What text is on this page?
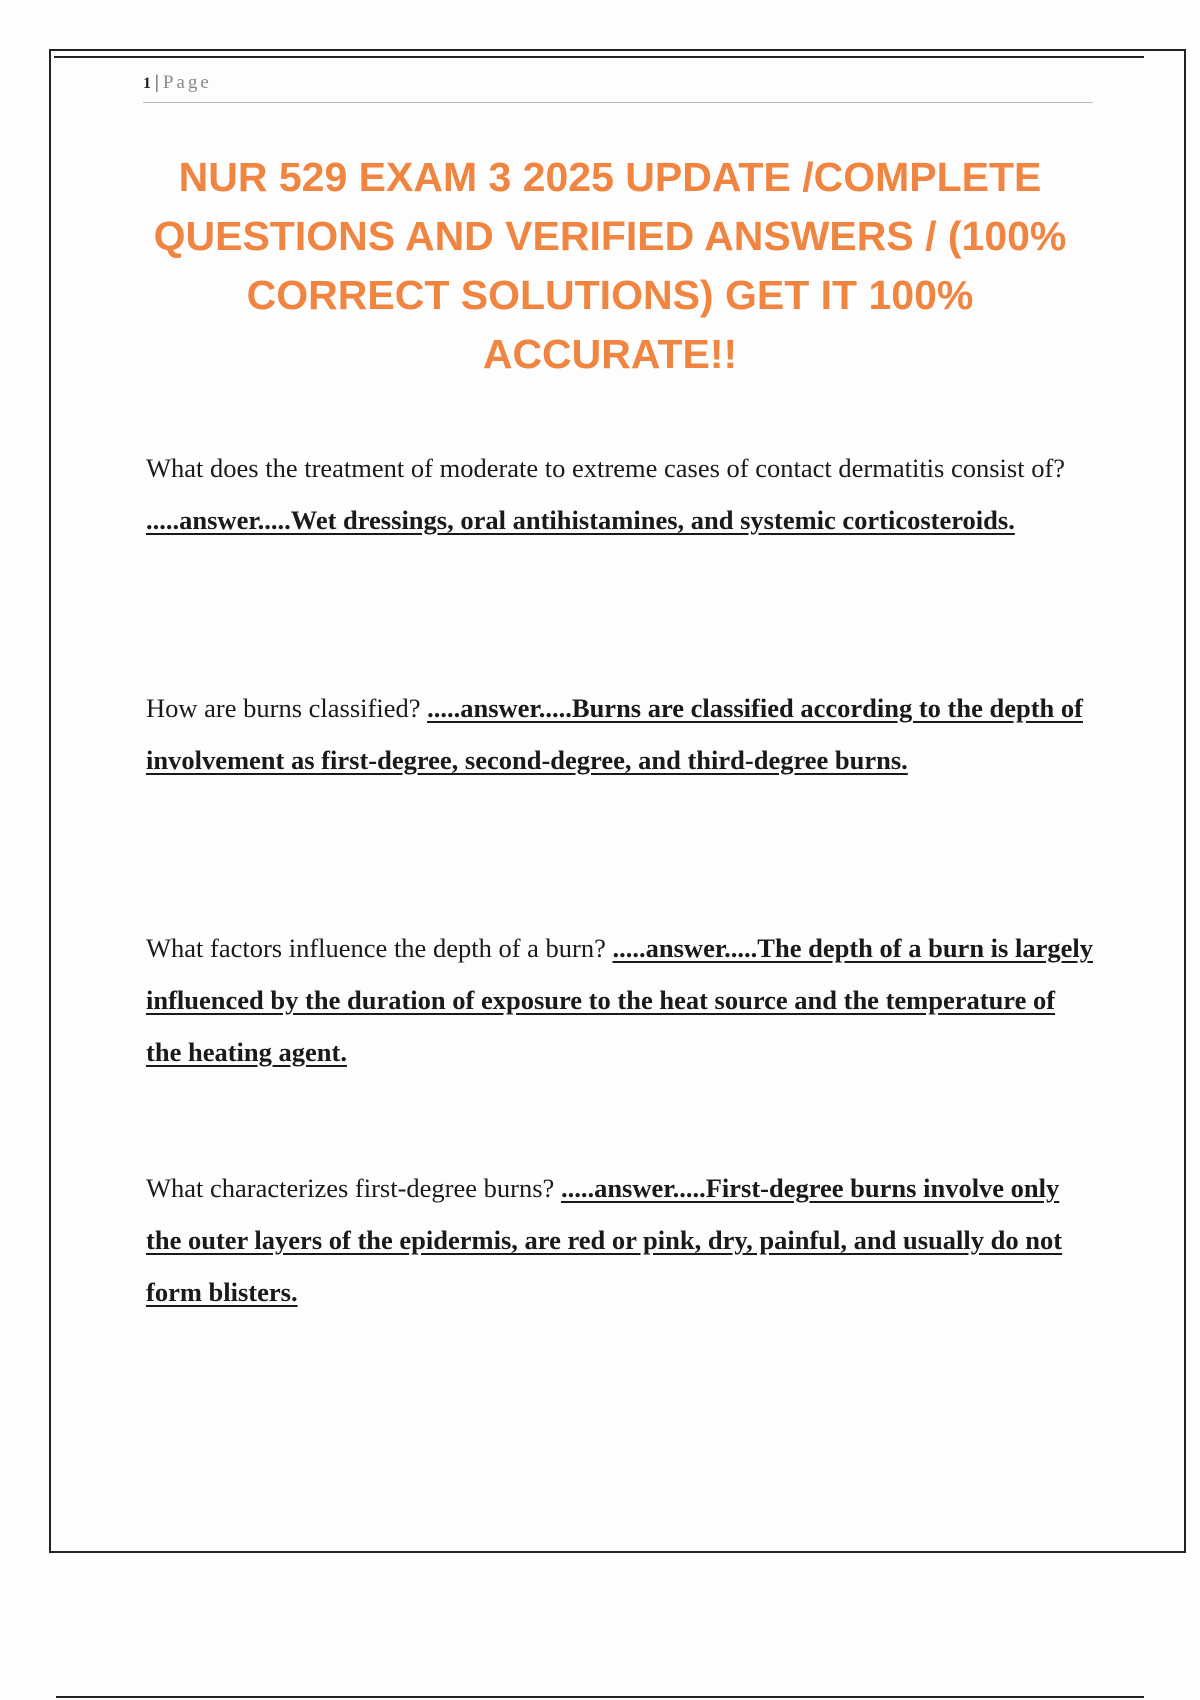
1 | Page
NUR 529 EXAM 3 2025 UPDATE /COMPLETE QUESTIONS AND VERIFIED ANSWERS / (100% CORRECT SOLUTIONS) GET IT 100% ACCURATE!!

What does the treatment of moderate to extreme cases of contact dermatitis consist of? .....answer.....Wet dressings, oral antihistamines, and systemic corticosteroids.

How are burns classified? .....answer.....Burns are classified according to the depth of involvement as first-degree, second-degree, and third-degree burns.

What factors influence the depth of a burn? .....answer.....The depth of a burn is largely influenced by the duration of exposure to the heat source and the temperature of the heating agent.

What characterizes first-degree burns? .....answer.....First-degree burns involve only the outer layers of the epidermis, are red or pink, dry, painful, and usually do not form blisters.
